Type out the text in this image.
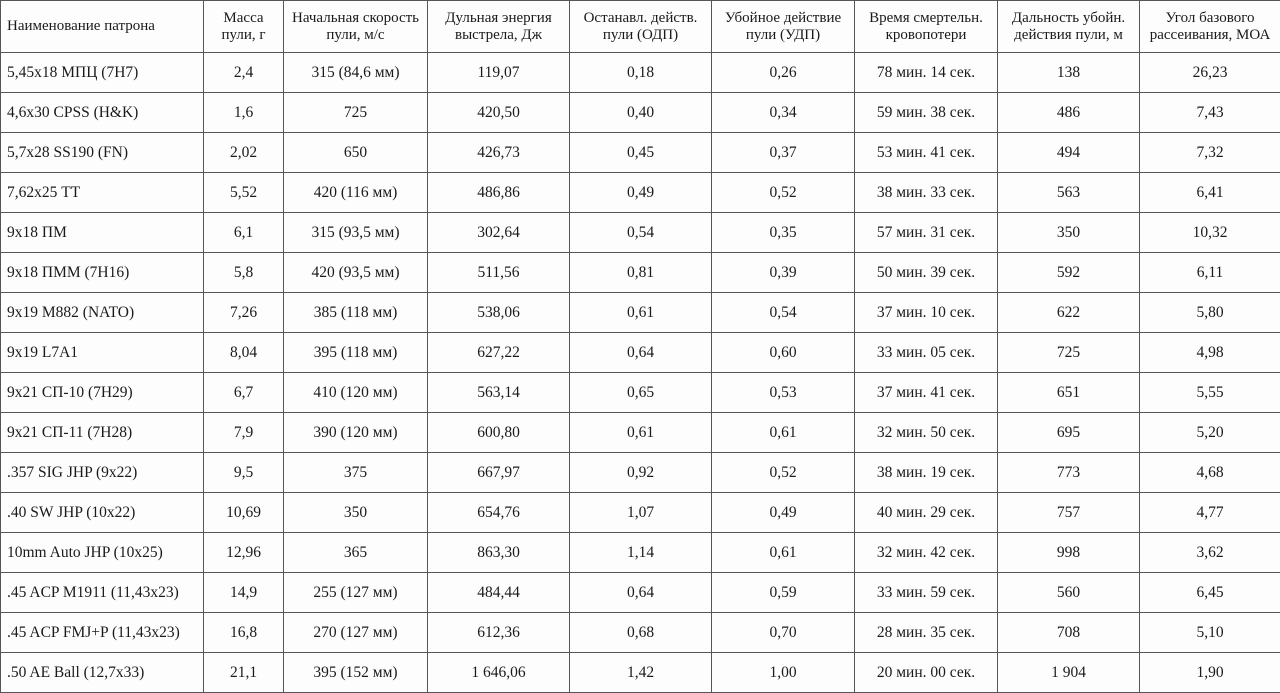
Наименование патрона	Масса пули, г	Начальная скорость пули, м/с	Дульная энергия выстрела, Дж	Останавл. действ. пули (ОДП)	Убойное действие пули (УДП)	Время смертельн. кровопотери	Дальность убойн. действия пули, м	Угол базового рассеивания, МОА
5,45х18 МПЦ (7Н7)	2,4	315 (84,6 мм)	119,07	0,18	0,26	78 мин. 14 сек.	138	26,23
4,6х30 CPSS (H&K)	1,6	725	420,50	0,40	0,34	59 мин. 38 сек.	486	7,43
5,7х28 SS190 (FN)	2,02	650	426,73	0,45	0,37	53 мин. 41 сек.	494	7,32
7,62х25 ТТ	5,52	420 (116 мм)	486,86	0,49	0,52	38 мин. 33 сек.	563	6,41
9х18 ПМ	6,1	315 (93,5 мм)	302,64	0,54	0,35	57 мин. 31 сек.	350	10,32
9х18 ПММ (7Н16)	5,8	420 (93,5 мм)	511,56	0,81	0,39	50 мин. 39 сек.	592	6,11
9х19 M882 (NATO)	7,26	385 (118 мм)	538,06	0,61	0,54	37 мин. 10 сек.	622	5,80
9х19 L7A1	8,04	395 (118 мм)	627,22	0,64	0,60	33 мин. 05 сек.	725	4,98
9х21 СП-10 (7Н29)	6,7	410 (120 мм)	563,14	0,65	0,53	37 мин. 41 сек.	651	5,55
9х21 СП-11 (7Н28)	7,9	390 (120 мм)	600,80	0,61	0,61	32 мин. 50 сек.	695	5,20
.357 SIG JHP (9х22)	9,5	375	667,97	0,92	0,52	38 мин. 19 сек.	773	4,68
.40 SW JHP (10х22)	10,69	350	654,76	1,07	0,49	40 мин. 29 сек.	757	4,77
10mm Auto JHP (10х25)	12,96	365	863,30	1,14	0,61	32 мин. 42 сек.	998	3,62
.45 ACP M1911 (11,43х23)	14,9	255 (127 мм)	484,44	0,64	0,59	33 мин. 59 сек.	560	6,45
.45 ACP FMJ+P (11,43х23)	16,8	270 (127 мм)	612,36	0,68	0,70	28 мин. 35 сек.	708	5,10
.50 AE Ball (12,7х33)	21,1	395 (152 мм)	1 646,06	1,42	1,00	20 мин. 00 сек.	1 904	1,90
